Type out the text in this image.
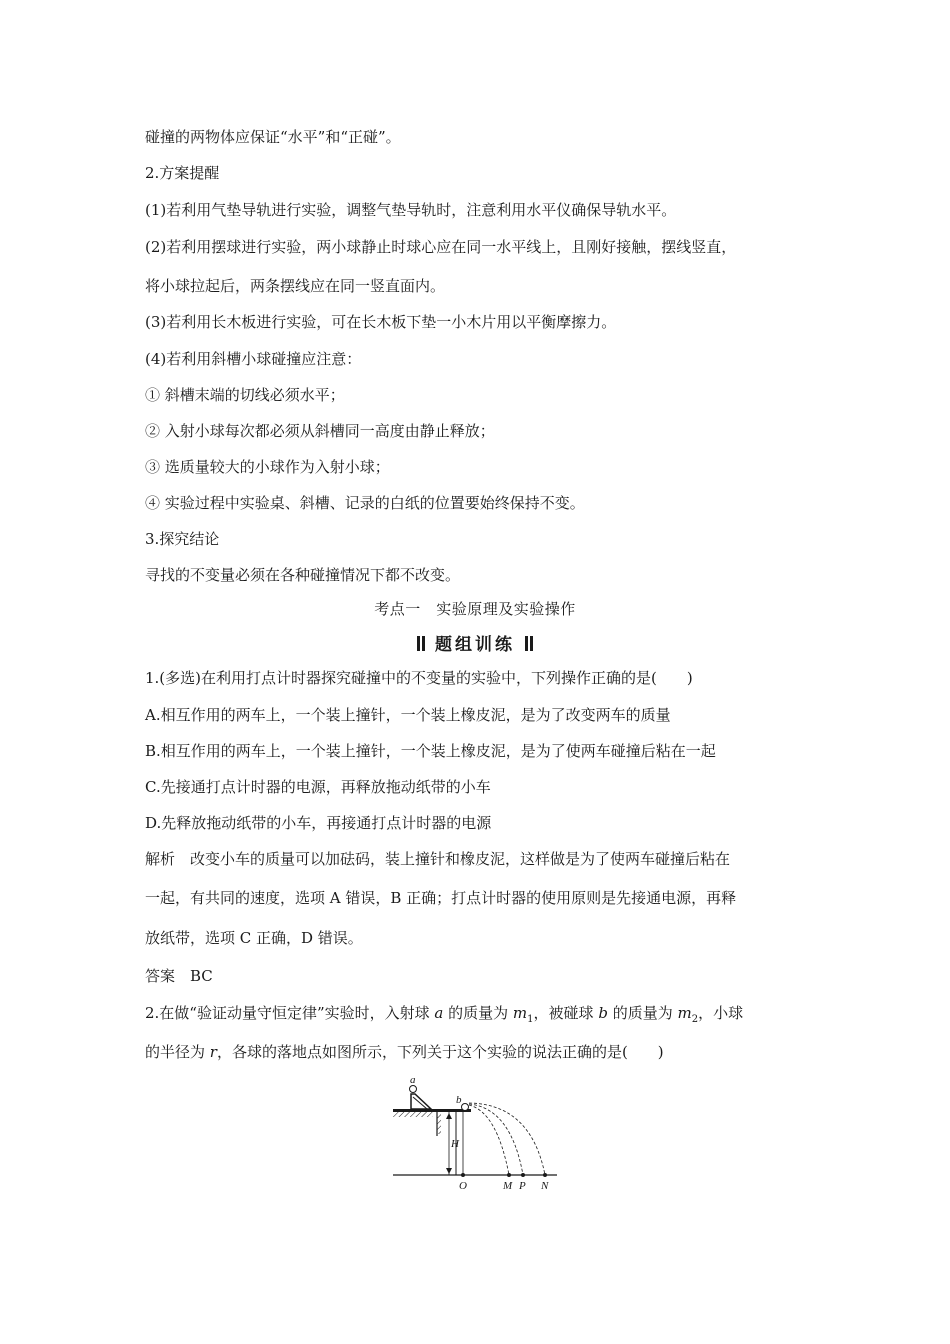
碰撞的两物体应保证“水平”和“正碰”。
2.方案提醒
(1)若利用气垫导轨进行实验，调整气垫导轨时，注意利用水平仪确保导轨水平。
(2)若利用摆球进行实验，两小球静止时球心应在同一水平线上，且刚好接触，摆线竖直，
将小球拉起后，两条摆线应在同一竖直面内。
(3)若利用长木板进行实验，可在长木板下垫一小木片用以平衡摩擦力。
(4)若利用斜槽小球碰撞应注意：
① 斜槽末端的切线必须水平；
② 入射小球每次都必须从斜槽同一高度由静止释放；
③ 选质量较大的小球作为入射小球；
④ 实验过程中实验桌、斜槽、记录的白纸的位置要始终保持不变。
3.探究结论
寻找的不变量必须在各种碰撞情况下都不改变。
考点一　实验原理及实验操作
题组训练
1.(多选)在利用打点计时器探究碰撞中的不变量的实验中，下列操作正确的是(　　)
A.相互作用的两车上，一个装上撞针，一个装上橡皮泥，是为了改变两车的质量
B.相互作用的两车上，一个装上撞针，一个装上橡皮泥，是为了使两车碰撞后粘在一起
C.先接通打点计时器的电源，再释放拖动纸带的小车
D.先释放拖动纸带的小车，再接通打点计时器的电源
解析　改变小车的质量可以加砝码，装上撞针和橡皮泥，这样做是为了使两车碰撞后粘在
一起，有共同的速度，选项 A 错误，B 正确；打点计时器的使用原则是先接通电源，再释
放纸带，选项 C 正确，D 错误。
答案　BC
2.在做“验证动量守恒定律”实验时，入射球 a 的质量为 $m_1$，被碰球 b 的质量为 $m_2$，小球
的半径为 r，各球的落地点如图所示，下列关于这个实验的说法正确的是(　　)
a
b
H
O	M P N
